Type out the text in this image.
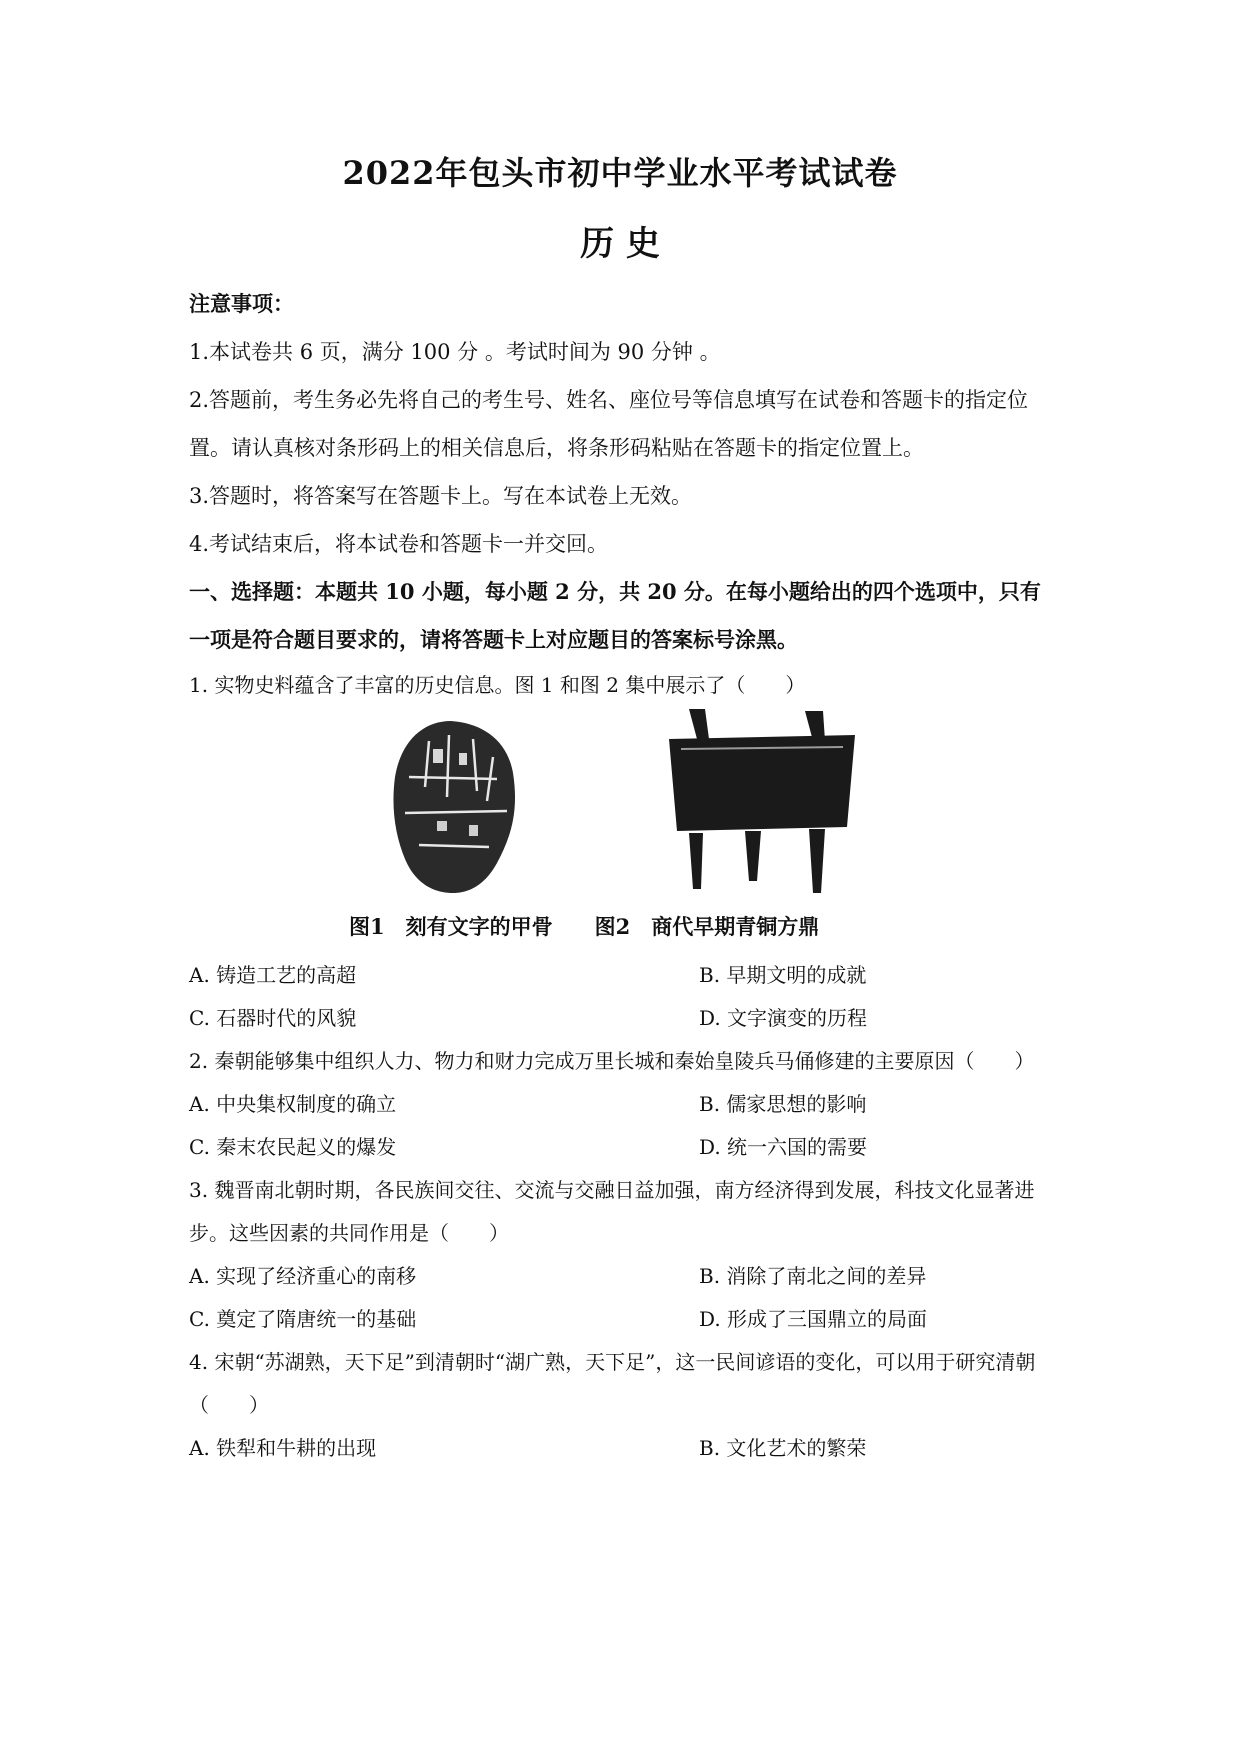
2022年包头市初中学业水平考试试卷
历 史
注意事项：
1.本试卷共 6 页，满分 100 分 。考试时间为 90 分钟 。
2.答题前，考生务必先将自己的考生号、姓名、座位号等信息填写在试卷和答题卡的指定位置。请认真核对条形码上的相关信息后，将条形码粘贴在答题卡的指定位置上。
3.答题时，将答案写在答题卡上。写在本试卷上无效。
4.考试结束后，将本试卷和答题卡一并交回。
一、选择题：本题共 10 小题，每小题 2 分，共 20 分。在每小题给出的四个选项中，只有一项是符合题目要求的，请将答题卡上对应题目的答案标号涂黑。
1. 实物史料蕴含了丰富的历史信息。图 1 和图 2 集中展示了（　　）
图1　刻有文字的甲骨 图2　商代早期青铜方鼎
A. 铸造工艺的高超	B. 早期文明的成就
C. 石器时代的风貌	D. 文字演变的历程
2. 秦朝能够集中组织人力、物力和财力完成万里长城和秦始皇陵兵马俑修建的主要原因（　　）
A. 中央集权制度的确立	B. 儒家思想的影响
C. 秦末农民起义的爆发	D. 统一六国的需要
3. 魏晋南北朝时期，各民族间交往、交流与交融日益加强，南方经济得到发展，科技文化显著进步。这些因素的共同作用是（　　）
A. 实现了经济重心的南移	B. 消除了南北之间的差异
C. 奠定了隋唐统一的基础	D. 形成了三国鼎立的局面
4. 宋朝“苏湖熟，天下足”到清朝时“湖广熟，天下足”，这一民间谚语的变化，可以用于研究清朝（　　）
A. 铁犁和牛耕的出现	B. 文化艺术的繁荣
